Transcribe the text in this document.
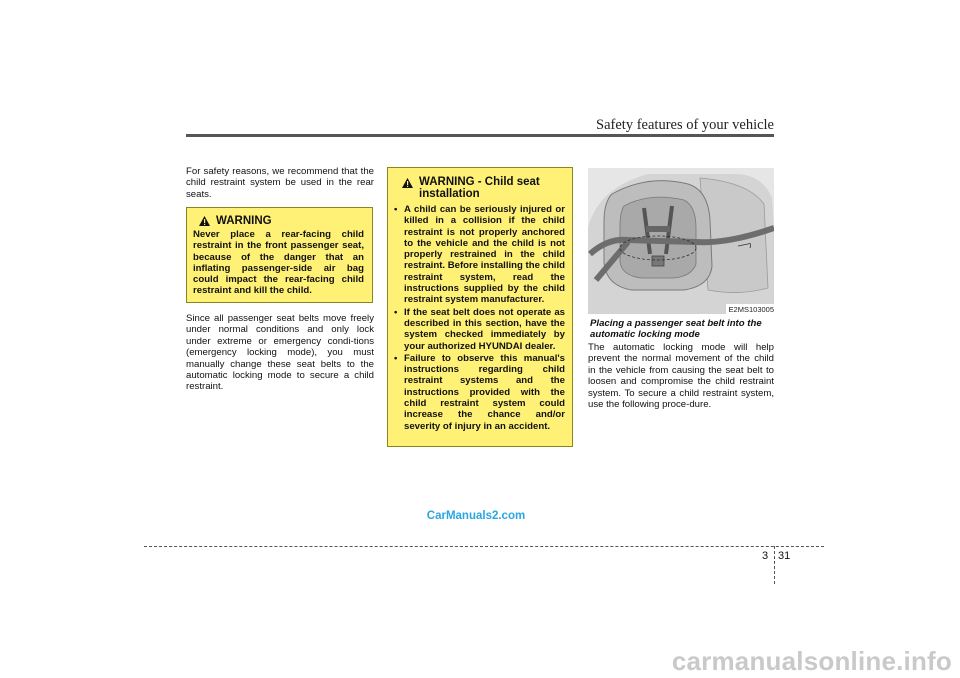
Safety features of your vehicle
For safety reasons, we recommend that the child restraint system be used in the rear seats.
WARNING
Never place a rear-facing child restraint in the front passenger seat, because of the danger that an inflating passenger-side air bag could impact the rear-facing child restraint and kill the child.
Since all passenger seat belts move freely under normal conditions and only lock under extreme or emergency condi-tions (emergency locking mode), you must manually change these seat belts to the automatic locking mode to secure a child restraint.
WARNING - Child seat installation
• A child can be seriously injured or killed in a collision if the child restraint is not properly anchored to the vehicle and the child is not properly restrained in the child restraint. Before installing the child restraint system, read the instructions supplied by the child restraint system manufacturer.
• If the seat belt does not operate as described in this section, have the system checked immediately by your authorized HYUNDAI dealer.
• Failure to observe this manual's instructions regarding child restraint systems and the instructions provided with the child restraint system could increase the chance and/or severity of injury in an accident.
E2MS103005
Placing a passenger seat belt into the automatic locking mode
The automatic locking mode will help prevent the normal movement of the child in the vehicle from causing the seat belt to loosen and compromise the child restraint system. To secure a child restraint system, use the following proce-dure.
3 31
CarManuals2.com
carmanualsonline.info
